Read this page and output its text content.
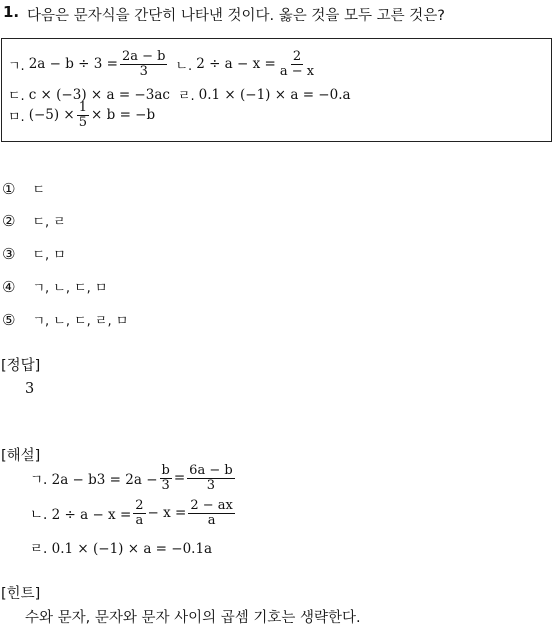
1. 다음은 문자식을 간단히 나타낸 것이다. 옳은 것을 모두 고른 것은?
ㄱ. $2a - b \div 3 = \frac{2a - b}{3}$ ㄴ. $2 \div a - x = \frac{2}{a - x}$
ㄷ. c × (−3) × a = −3ac ㄹ. 0.1 × (−1) × a = −0.a
ㅁ. $(-5) \times \frac{1}{5} \times b = -b$
① ㄷ
② ㄷ, ㄹ
③ ㄷ, ㅁ
④ ㄱ, ㄴ, ㄷ, ㅁ
⑤ ㄱ, ㄴ, ㄷ, ㄹ, ㅁ
[정답]
3
[해설]
ㄱ. $2a - b3 = 2a - \frac{b}{3} = \frac{6a - b}{3}$
ㄴ. $2 \div a - x = \frac{2}{a} - x = \frac{2 - ax}{a}$
ㄹ. 0.1 × (−1) × a = −0.1a
[힌트]
수와 문자, 문자와 문자 사이의 곱셈 기호는 생략한다.
